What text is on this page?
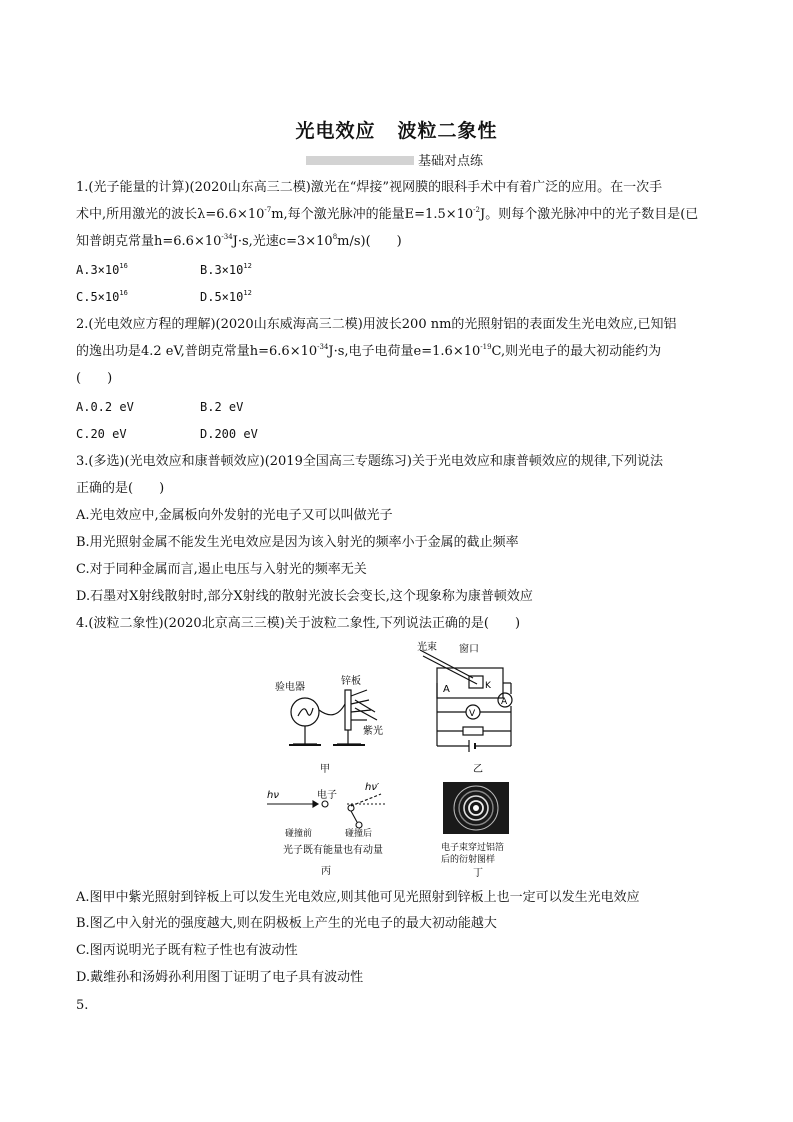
光电效应 波粒二象性
基础对点练
1.(光子能量的计算)(2020山东高三二模)激光在“焊接”视网膜的眼科手术中有着广泛的应用。在一次手
术中,所用激光的波长$\lambda=6.6\times 10^{-7}m$,每个激光脉冲的能量$E=1.5\times 10^{-2}J$。则每个激光脉冲中的光子数目是(已
知普朗克常量$h=6.6\times 10^{-34}J\cdot s$,光速$c=3\times 10^8m/s$)(　　)
$A.3\times 10^{16}$	$B.3\times 10^{12}$
$C.5\times 10^{16}$	$D.5\times 10^{12}$
2.(光电效应方程的理解)(2020山东威海高三二模)用波长200 nm的光照射铝的表面发生光电效应,已知铝
的逸出功是4.2 eV,普朗克常量$h=6.6\times 10^{-34}J\cdot s$,电子电荷量$e=1.6\times 10^{-19}C$,则光电子的最大初动能约为
(　　)
A.0.2 eV	B.2 eV
C.20 eV	D.200 eV
3.(多选)(光电效应和康普顿效应)(2019全国高三专题练习)关于光电效应和康普顿效应的规律,下列说法
正确的是(　　)
A.光电效应中,金属板向外发射的光电子又可以叫做光子
B.用光照射金属不能发生光电效应是因为该入射光的频率小于金属的截止频率
C.对于同种金属而言,遏止电压与入射光的频率无关
D.石墨对X射线散射时,部分X射线的散射光波长会变长,这个现象称为康普顿效应
4.(波粒二象性)(2020北京高三三模)关于波粒二象性,下列说法正确的是(　　)
验电器
锌板
紫光
甲
光束 窗口
A	K
A
V
乙
hν
hν′
电子
碰撞前	碰撞后
光子既有能量也有动量
丙
电子束穿过铝箔
后的衍射图样
丁
A.图甲中紫光照射到锌板上可以发生光电效应,则其他可见光照射到锌板上也一定可以发生光电效应
B.图乙中入射光的强度越大,则在阴极板上产生的光电子的最大初动能越大
C.图丙说明光子既有粒子性也有波动性
D.戴维孙和汤姆孙利用图丁证明了电子具有波动性
5.
